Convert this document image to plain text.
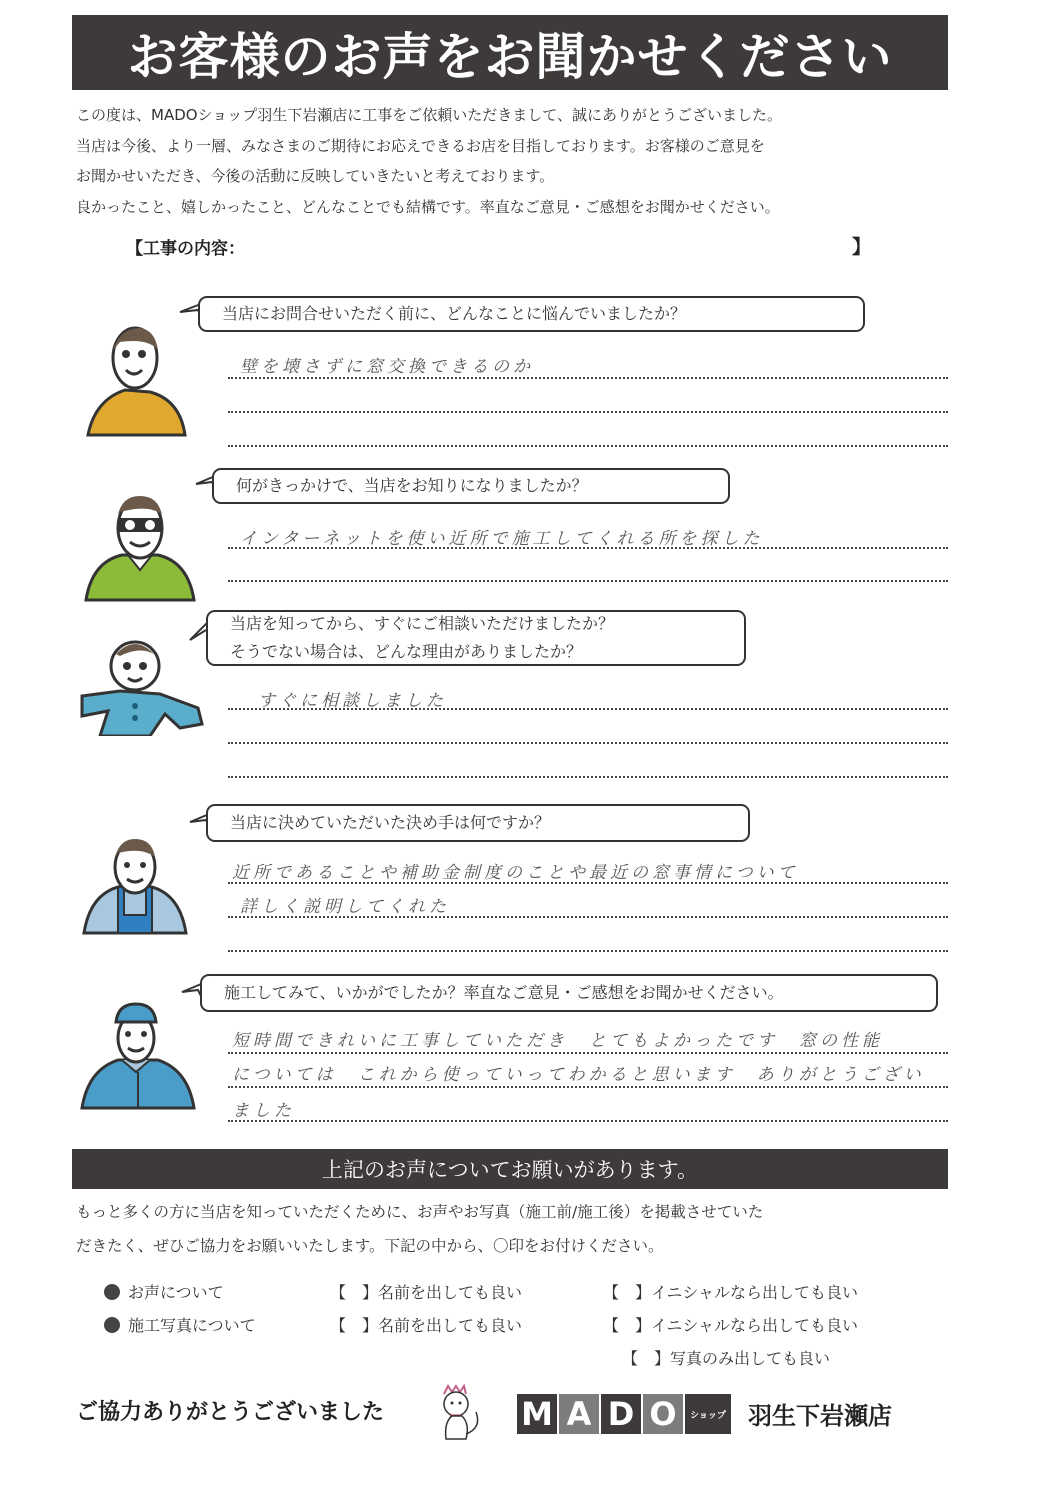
お客様のお声をお聞かせください
この度は、MADOショップ羽生下岩瀬店に工事をご依頼いただきまして、誠にありがとうございました。
当店は今後、より一層、みなさまのご期待にお応えできるお店を目指しております。お客様のご意見を
お聞かせいただき、今後の活動に反映していきたいと考えております。
良かったこと、嬉しかったこと、どんなことでも結構です。率直なご意見・ご感想をお聞かせください。
【工事の内容：	】
当店にお問合せいただく前に、どんなことに悩んでいましたか？
壁を壊さずに窓交換できるのか
何がきっかけで、当店をお知りになりましたか？
インターネットを使い近所で施工してくれる所を探した
当店を知ってから、すぐにご相談いただけましたか？
そうでない場合は、どんな理由がありましたか？
すぐに相談しました
当店に決めていただいた決め手は何ですか？
近所であることや補助金制度のことや最近の窓事情について
詳しく説明してくれた
施工してみて、いかがでしたか？率直なご意見・ご感想をお聞かせください。
短時間できれいに工事していただき　とてもよかったです　窓の性能
については　これから使っていってわかると思います　ありがとうござい
ました
上記のお声についてお願いがあります。
もっと多くの方に当店を知っていただくために、お声やお写真（施工前/施工後）を掲載させていた
だきたく、ぜひご協力をお願いいたします。下記の中から、〇印をお付けください。
お声について	【　】名前を出しても良い	【　】イニシャルなら出しても良い
施工写真について	【　】名前を出しても良い	【　】イニシャルなら出しても良い
【　】写真のみ出しても良い
ご協力ありがとうございました	M A D O	ショップ 羽生下岩瀬店
